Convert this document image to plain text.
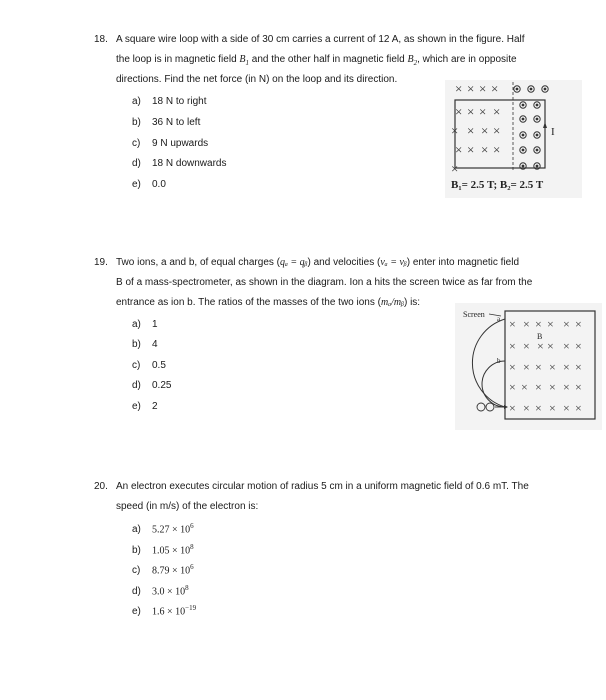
18. A square wire loop with a side of 30 cm carries a current of 12 A, as shown in the figure. Half
the loop is in magnetic field $B_1$ and the other half in magnetic field $B_2$, which are in opposite
directions. Find the net force (in N) on the loop and its direction.
a) 18 N to right
b) 36 N to left
c) 9 N upwards
d) 18 N downwards
e) 0.0
× × × ×
× × × ×
× × × ×
× × × ×
×
I
B₁= 2.5 T; B₂= 2.5 T
19. Two ions, a and b, of equal charges (qₐ = qᵦ) and velocities (vₐ = vᵦ) enter into magnetic field
B of a mass-spectrometer, as shown in the diagram. Ion a hits the screen twice as far from the
entrance as ion b. The ratios of the masses of the two ions (mₐ/mᵦ) is:
a) 1
b) 4
c) 0.5
d) 0.25
e) 2
Screen
× × × × × ×
× × × × × ×
× × × × × ×
× × × × × ×
× × × × × ×
B
a
b
20. An electron executes circular motion of radius 5 cm in a uniform magnetic field of 0.6 mT. The
speed (in m/s) of the electron is:
a) $5.27 \times 10^6$
b) $1.05 \times 10^8$
c) $8.79 \times 10^6$
d) $3.0 \times 10^8$
e) $1.6 \times 10^{-19}$
